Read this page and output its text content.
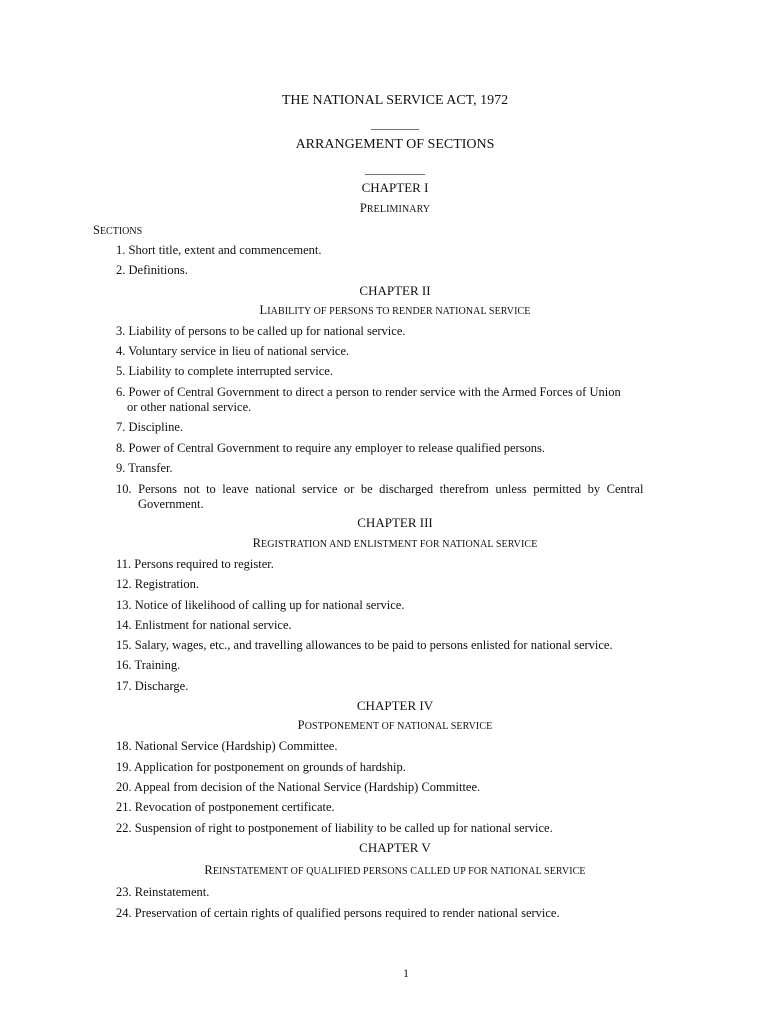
THE NATIONAL SERVICE ACT, 1972
________
ARRANGEMENT OF SECTIONS
__________
CHAPTER I
PRELIMINARY
SECTIONS
1. Short title, extent and commencement.
2. Definitions.
CHAPTER II
LIABILITY OF PERSONS TO RENDER NATIONAL SERVICE
3. Liability of persons to be called up for national service.
4. Voluntary service in lieu of national service.
5. Liability to complete interrupted service.
6. Power of Central Government to direct a person to render service with the Armed Forces of Union
or other national service.
7. Discipline.
8. Power of Central Government to require any employer to release qualified persons.
9. Transfer.
10. Persons not to leave national service or be discharged therefrom unless permitted by Central
Government.
CHAPTER III
REGISTRATION AND ENLISTMENT FOR NATIONAL SERVICE
11. Persons required to register.
12. Registration.
13. Notice of likelihood of calling up for national service.
14. Enlistment for national service.
15. Salary, wages, etc., and travelling allowances to be paid to persons enlisted for national service.
16. Training.
17. Discharge.
CHAPTER IV
POSTPONEMENT OF NATIONAL SERVICE
18. National Service (Hardship) Committee.
19. Application for postponement on grounds of hardship.
20. Appeal from decision of the National Service (Hardship) Committee.
21. Revocation of postponement certificate.
22. Suspension of right to postponement of liability to be called up for national service.
CHAPTER V
REINSTATEMENT OF QUALIFIED PERSONS CALLED UP FOR NATIONAL SERVICE
23. Reinstatement.
24. Preservation of certain rights of qualified persons required to render national service.
1
